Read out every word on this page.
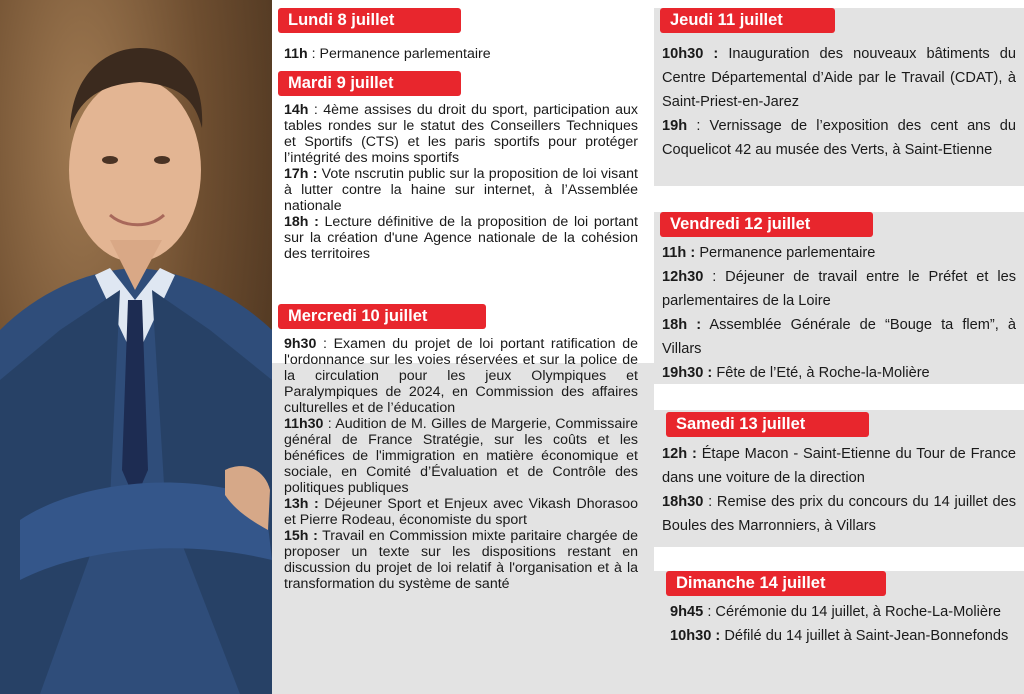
Lundi 8 juillet
Mardi 9 juillet
Mercredi 10 juillet
Jeudi 11 juillet
Vendredi 12 juillet
Samedi 13 juillet
Dimanche 14 juillet

11h : Permanence parlementaire

14h : 4ème assises du droit du sport, participation aux tables rondes sur le statut des Conseillers Techniques et Sportifs (CTS) et les paris sportifs pour protéger l’intégrité des moins sportifs

17h : Vote nscrutin public sur la proposition de loi visant à lutter contre la haine sur internet, à l’Assemblée nationale

18h : Lecture définitive de la proposition de loi portant sur la création d'une Agence nationale de la cohésion des territoires

9h30 : Examen du projet de loi portant ratification de l'ordonnance sur les voies réservées et sur la police de la circulation pour les jeux Olympiques et Paralympiques de 2024, en Commission des affaires culturelles et de l’éducation

11h30 : Audition de M. Gilles de Margerie, Commissaire général de France Stratégie, sur les coûts et les bénéfices de l'immigration en matière économique et sociale, en Comité d’Évaluation et de Contrôle des politiques publiques

13h : Déjeuner Sport et Enjeux avec Vikash Dhorasoo et Pierre Rodeau, économiste du sport

15h : Travail en Commission mixte paritaire chargée de proposer un texte sur les dispositions restant en discussion du projet de loi relatif à l'organisation et à la transformation du système de santé

10h30 : Inauguration des nouveaux bâtiments du Centre Départemental d’Aide par le Travail (CDAT), à Saint-Priest-en-Jarez

19h : Vernissage de l’exposition des cent ans du Coquelicot 42 au musée des Verts, à Saint-Etienne

11h : Permanence parlementaire

12h30 : Déjeuner de travail entre le Préfet et les parlementaires de la Loire

18h : Assemblée Générale de “Bouge ta flem”, à Villars

19h30 : Fête de l’Eté, à Roche-la-Molière

12h : Étape Macon - Saint-Etienne du Tour de France dans une voiture de la direction

18h30 : Remise des prix du concours du 14 juillet des Boules des Marronniers, à Villars

9h45 : Cérémonie du 14 juillet, à Roche-La-Molière

10h30 : Défilé du 14 juillet à Saint-Jean-Bonnefonds
